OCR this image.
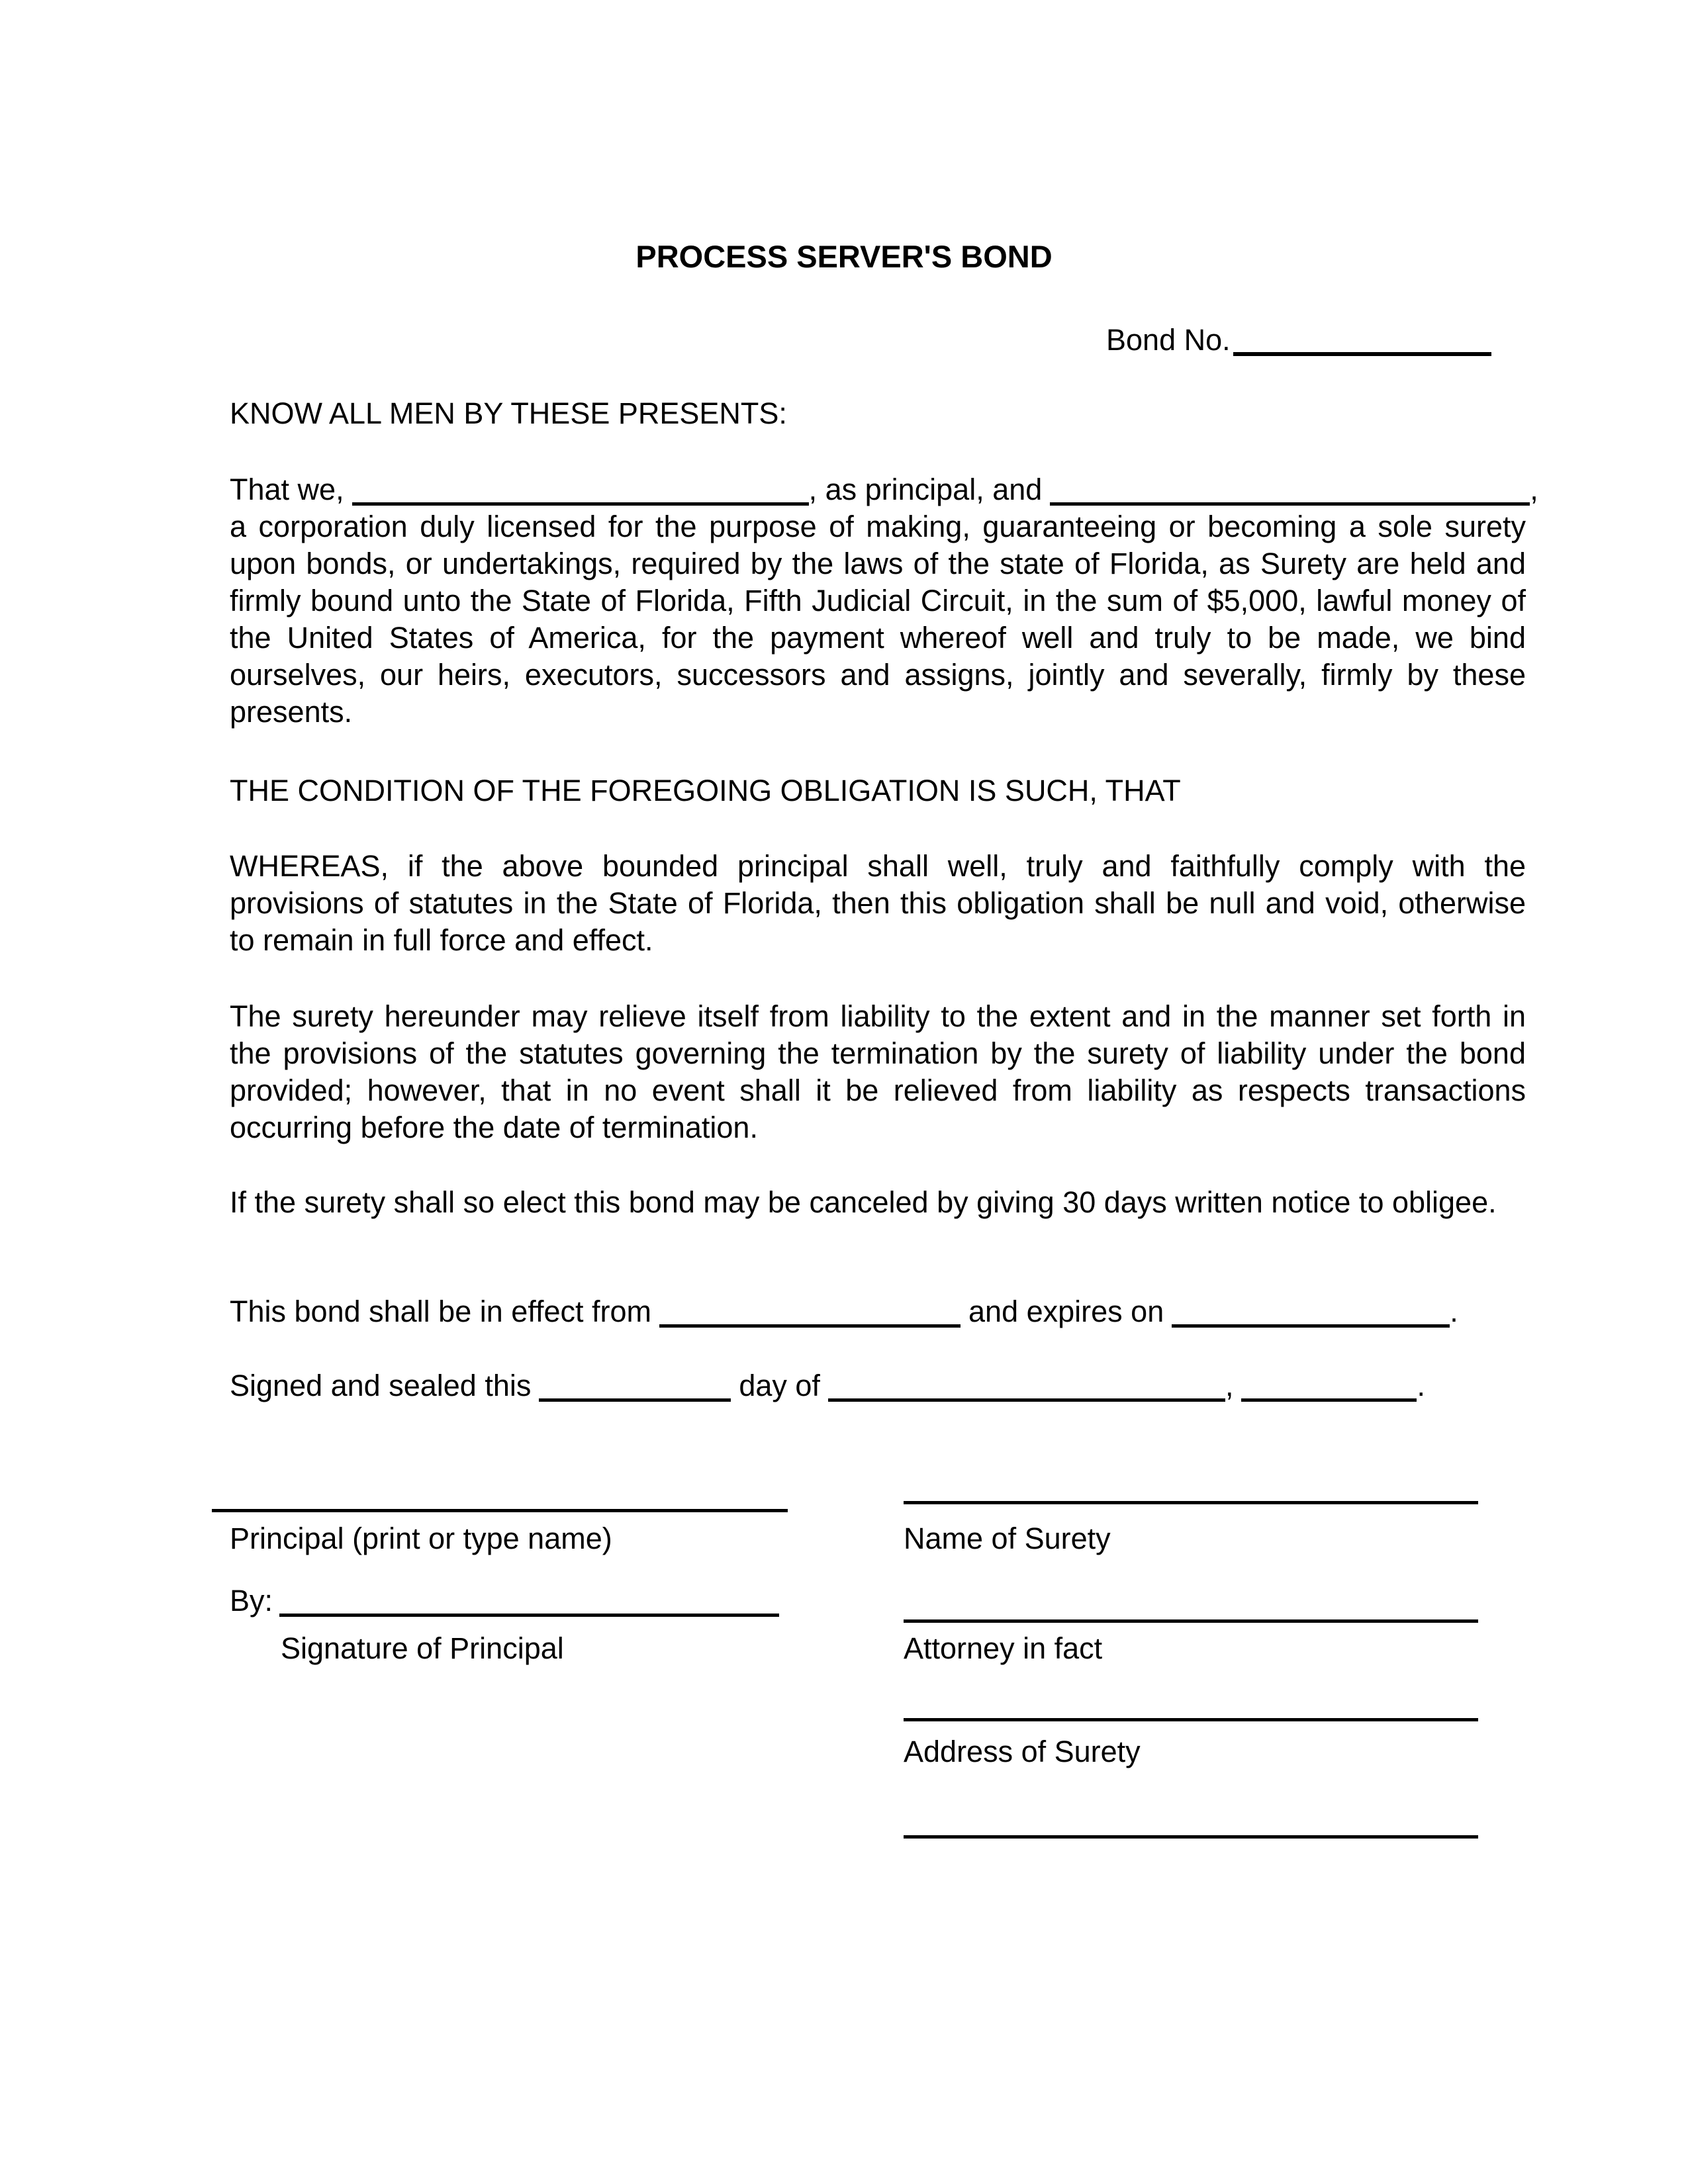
PROCESS SERVER'S BOND
Bond No.
KNOW ALL MEN BY THESE PRESENTS:
That we,	, as principal, and	,
a corporation duly licensed for the purpose of making, guaranteeing or becoming a sole surety upon bonds, or undertakings, required by the laws of the state of Florida, as Surety are held and firmly bound unto the State of Florida, Fifth Judicial Circuit, in the sum of $5,000, lawful money of the United States of America, for the payment whereof well and truly to be made, we bind ourselves, our heirs, executors, successors and assigns, jointly and severally, firmly by these presents.
THE CONDITION OF THE FOREGOING OBLIGATION IS SUCH, THAT
WHEREAS, if the above bounded principal shall well, truly and faithfully comply with the provisions of statutes in the State of Florida, then this obligation shall be null and void, otherwise to remain in full force and effect.
The surety hereunder may relieve itself from liability to the extent and in the manner set forth in the provisions of the statutes governing the termination by the surety of liability under the bond provided; however, that in no event shall it be relieved from liability as respects transactions occurring before the date of termination.
If the surety shall so elect this bond may be canceled by giving 30 days written notice to obligee.
This bond shall be in effect from	and expires on	.
Signed and sealed this	day of	,	.
Principal (print or type name)
By:
Signature of Principal
Name of Surety
Attorney in fact
Address of Surety
